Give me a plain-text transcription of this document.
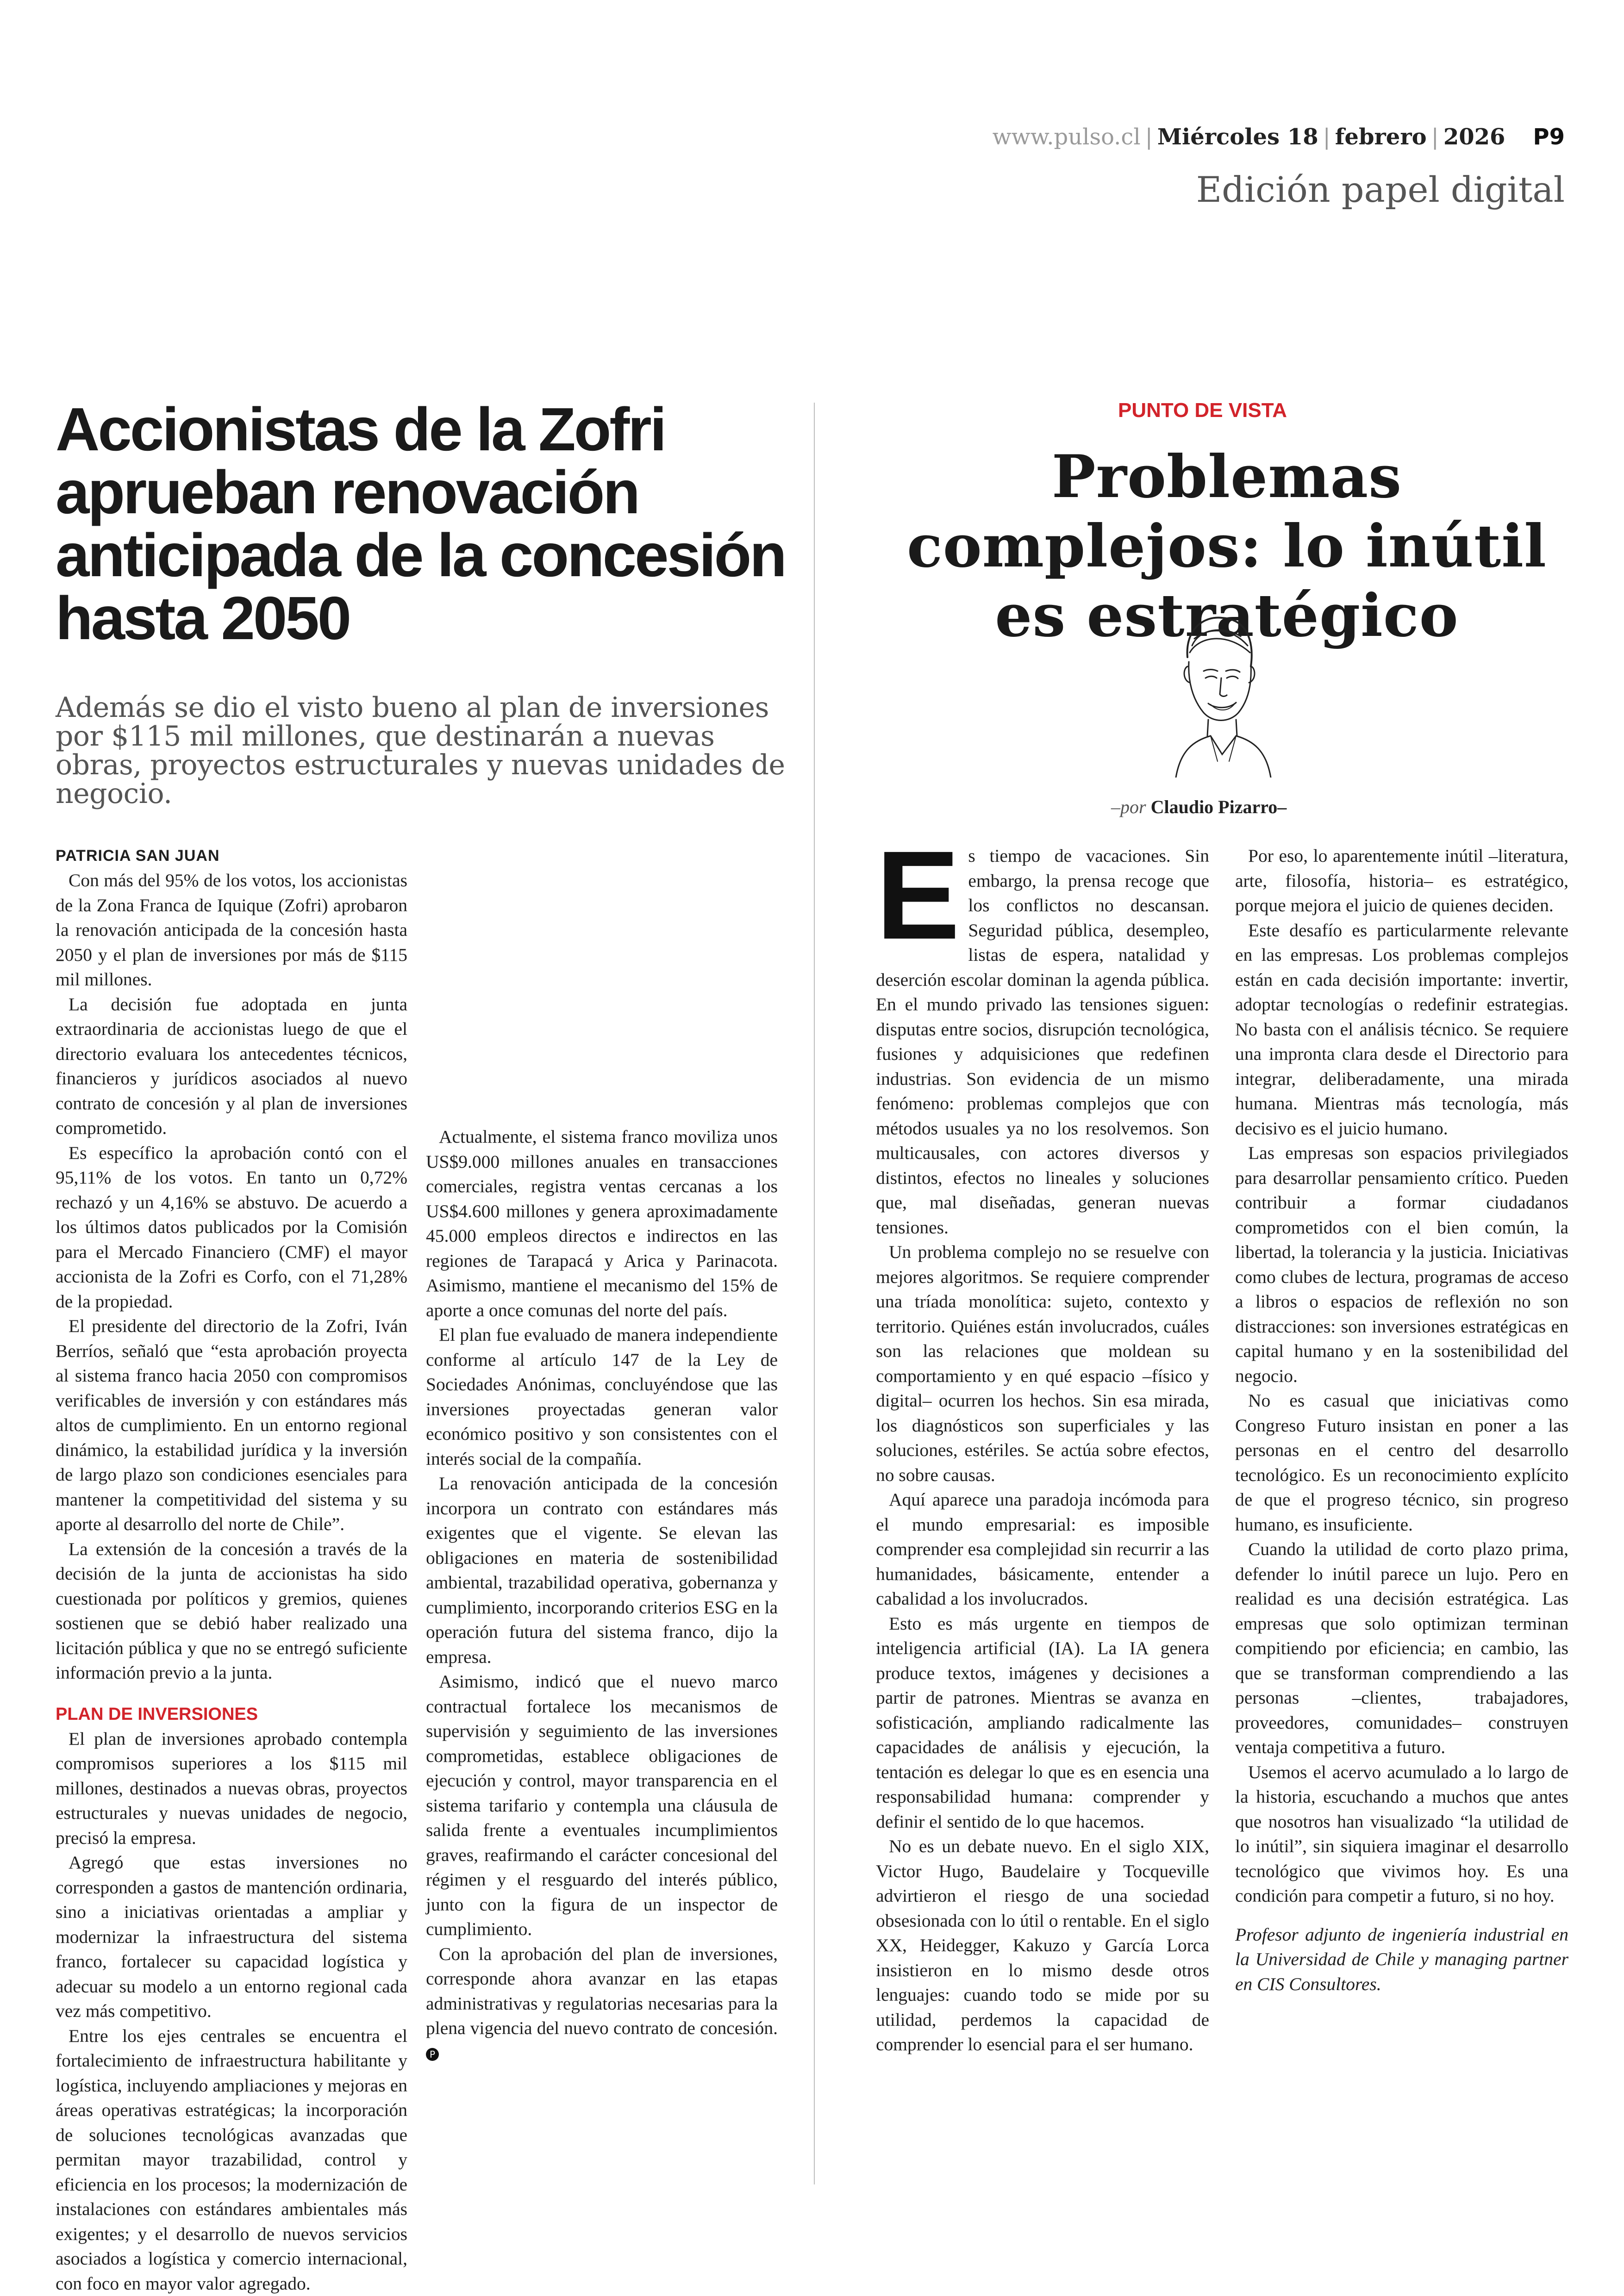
www.pulso.cl | Miércoles 18 | febrero | 2026 P9
Edición papel digital
Accionistas de la Zofri aprueban renovación anticipada de la concesión hasta 2050

Además se dio el visto bueno al plan de inversiones por $115 mil millones, que destinarán a nuevas obras, proyectos estructurales y nuevas unidades de negocio.

PATRICIA SAN JUAN

Con más del 95% de los votos, los accionistas de la Zona Franca de Iquique (Zofri) aprobaron la renovación anticipada de la concesión hasta 2050 y el plan de inversiones por más de $115 mil millones.

La decisión fue adoptada en junta extraordinaria de accionistas luego de que el directorio evaluara los antecedentes técnicos, financieros y jurídicos asociados al nuevo contrato de concesión y al plan de inversiones comprometido.

Es específico la aprobación contó con el 95,11% de los votos. En tanto un 0,72% rechazó y un 4,16% se abstuvo. De acuerdo a los últimos datos publicados por la Comisión para el Mercado Financiero (CMF) el mayor accionista de la Zofri es Corfo, con el 71,28% de la propiedad.

El presidente del directorio de la Zofri, Iván Berríos, señaló que “esta aprobación proyecta al sistema franco hacia 2050 con compromisos verificables de inversión y con estándares más altos de cumplimiento. En un entorno regional dinámico, la estabilidad jurídica y la inversión de largo plazo son condiciones esenciales para mantener la competitividad del sistema y su aporte al desarrollo del norte de Chile”.

La extensión de la concesión a través de la decisión de la junta de accionistas ha sido cuestionada por políticos y gremios, quienes sostienen que se debió haber realizado una licitación pública y que no se entregó suficiente información previo a la junta.

PLAN DE INVERSIONES

El plan de inversiones aprobado contempla compromisos superiores a los $115 mil millones, destinados a nuevas obras, proyectos estructurales y nuevas unidades de negocio, precisó la empresa.

Agregó que estas inversiones no corresponden a gastos de mantención ordinaria, sino a iniciativas orientadas a ampliar y modernizar la infraestructura del sistema franco, fortalecer su capacidad logística y adecuar su modelo a un entorno regional cada vez más competitivo.

Entre los ejes centrales se encuentra el fortalecimiento de infraestructura habilitante y logística, incluyendo ampliaciones y mejoras en áreas operativas estratégicas; la incorporación de soluciones tecnológicas avanzadas que permitan mayor trazabilidad, control y eficiencia en los procesos; la modernización de instalaciones con estándares ambientales más exigentes; y el desarrollo de nuevos servicios asociados a logística y comercio internacional, con foco en mayor valor agregado.

Actualmente, el sistema franco moviliza unos US$9.000 millones anuales en transacciones comerciales, registra ventas cercanas a los US$4.600 millones y genera aproximadamente 45.000 empleos directos e indirectos en las regiones de Tarapacá y Arica y Parinacota. Asimismo, mantiene el mecanismo del 15% de aporte a once comunas del norte del país.

El plan fue evaluado de manera independiente conforme al artículo 147 de la Ley de Sociedades Anónimas, concluyéndose que las inversiones proyectadas generan valor económico positivo y son consistentes con el interés social de la compañía.

La renovación anticipada de la concesión incorpora un contrato con estándares más exigentes que el vigente. Se elevan las obligaciones en materia de sostenibilidad ambiental, trazabilidad operativa, gobernanza y cumplimiento, incorporando criterios ESG en la operación futura del sistema franco, dijo la empresa.

Asimismo, indicó que el nuevo marco contractual fortalece los mecanismos de supervisión y seguimiento de las inversiones comprometidas, establece obligaciones de ejecución y control, mayor transparencia en el sistema tarifario y contempla una cláusula de salida frente a eventuales incumplimientos graves, reafirmando el carácter concesional del régimen y el resguardo del interés público, junto con la figura de un inspector de cumplimiento.

Con la aprobación del plan de inversiones, corresponde ahora avanzar en las etapas administrativas y regulatorias necesarias para la plena vigencia del nuevo contrato de concesión. P

PUNTO DE VISTA
Problemas complejos: lo inútil es estratégico
–por Claudio Pizarro–

Es tiempo de vacaciones. Sin embargo, la prensa recoge que los conflictos no descansan. Seguridad pública, desempleo, listas de espera, natalidad y deserción escolar dominan la agenda pública. En el mundo privado las tensiones siguen: disputas entre socios, disrupción tecnológica, fusiones y adquisiciones que redefinen industrias. Son evidencia de un mismo fenómeno: problemas complejos que con métodos usuales ya no los resolvemos. Son multicausales, con actores diversos y distintos, efectos no lineales y soluciones que, mal diseñadas, generan nuevas tensiones.

Un problema complejo no se resuelve con mejores algoritmos. Se requiere comprender una tríada monolítica: sujeto, contexto y territorio. Quiénes están involucrados, cuáles son las relaciones que moldean su comportamiento y en qué espacio –físico y digital– ocurren los hechos. Sin esa mirada, los diagnósticos son superficiales y las soluciones, estériles. Se actúa sobre efectos, no sobre causas.

Aquí aparece una paradoja incómoda para el mundo empresarial: es imposible comprender esa complejidad sin recurrir a las humanidades, básicamente, entender a cabalidad a los involucrados.

Esto es más urgente en tiempos de inteligencia artificial (IA). La IA genera produce textos, imágenes y decisiones a partir de patrones. Mientras se avanza en sofisticación, ampliando radicalmente las capacidades de análisis y ejecución, la tentación es delegar lo que es en esencia una responsabilidad humana: comprender y definir el sentido de lo que hacemos.

No es un debate nuevo. En el siglo XIX, Victor Hugo, Baudelaire y Tocqueville advirtieron el riesgo de una sociedad obsesionada con lo útil o rentable. En el siglo XX, Heidegger, Kakuzo y García Lorca insistieron en lo mismo desde otros lenguajes: cuando todo se mide por su utilidad, perdemos la capacidad de comprender lo esencial para el ser humano.

Por eso, lo aparentemente inútil –literatura, arte, filosofía, historia– es estratégico, porque mejora el juicio de quienes deciden.

Este desafío es particularmente relevante en las empresas. Los problemas complejos están en cada decisión importante: invertir, adoptar tecnologías o redefinir estrategias. No basta con el análisis técnico. Se requiere una impronta clara desde el Directorio para integrar, deliberadamente, una mirada humana. Mientras más tecnología, más decisivo es el juicio humano.

Las empresas son espacios privilegiados para desarrollar pensamiento crítico. Pueden contribuir a formar ciudadanos comprometidos con el bien común, la libertad, la tolerancia y la justicia. Iniciativas como clubes de lectura, programas de acceso a libros o espacios de reflexión no son distracciones: son inversiones estratégicas en capital humano y en la sostenibilidad del negocio.

No es casual que iniciativas como Congreso Futuro insistan en poner a las personas en el centro del desarrollo tecnológico. Es un reconocimiento explícito de que el progreso técnico, sin progreso humano, es insuficiente.

Cuando la utilidad de corto plazo prima, defender lo inútil parece un lujo. Pero en realidad es una decisión estratégica. Las empresas que solo optimizan terminan compitiendo por eficiencia; en cambio, las que se transforman comprendiendo a las personas –clientes, trabajadores, proveedores, comunidades– construyen ventaja competitiva a futuro.

Usemos el acervo acumulado a lo largo de la historia, escuchando a muchos que antes que nosotros han visualizado “la utilidad de lo inútil”, sin siquiera imaginar el desarrollo tecnológico que vivimos hoy. Es una condición para competir a futuro, si no hoy.

Profesor adjunto de ingeniería industrial en la Universidad de Chile y managing partner en CIS Consultores.
